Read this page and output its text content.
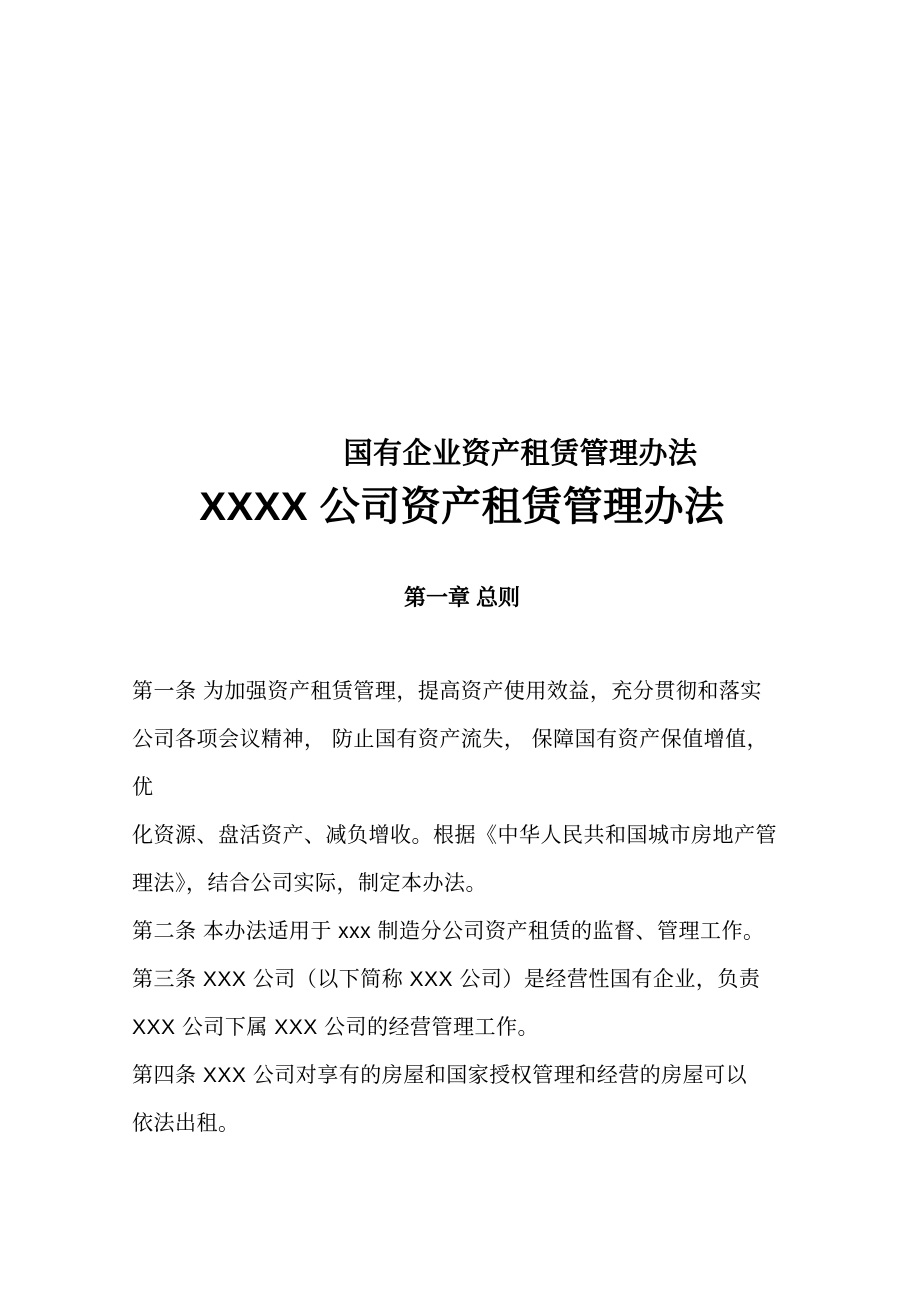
国有企业资产租赁管理办法
XXXX 公司资产租赁管理办法
第一章 总则

第一条 为加强资产租赁管理，提高资产使用效益，充分贯彻和落实

公司各项会议精神， 防止国有资产流失， 保障国有资产保值增值，

优

化资源、盘活资产、减负增收。根据《中华人民共和国城市房地产管

理法》，结合公司实际，制定本办法。

第二条 本办法适用于 xxx 制造分公司资产租赁的监督、管理工作。

第三条 XXX 公司（以下简称 XXX 公司）是经营性国有企业，负责

XXX 公司下属 XXX 公司的经营管理工作。

第四条 XXX 公司对享有的房屋和国家授权管理和经营的房屋可以

依法出租。
